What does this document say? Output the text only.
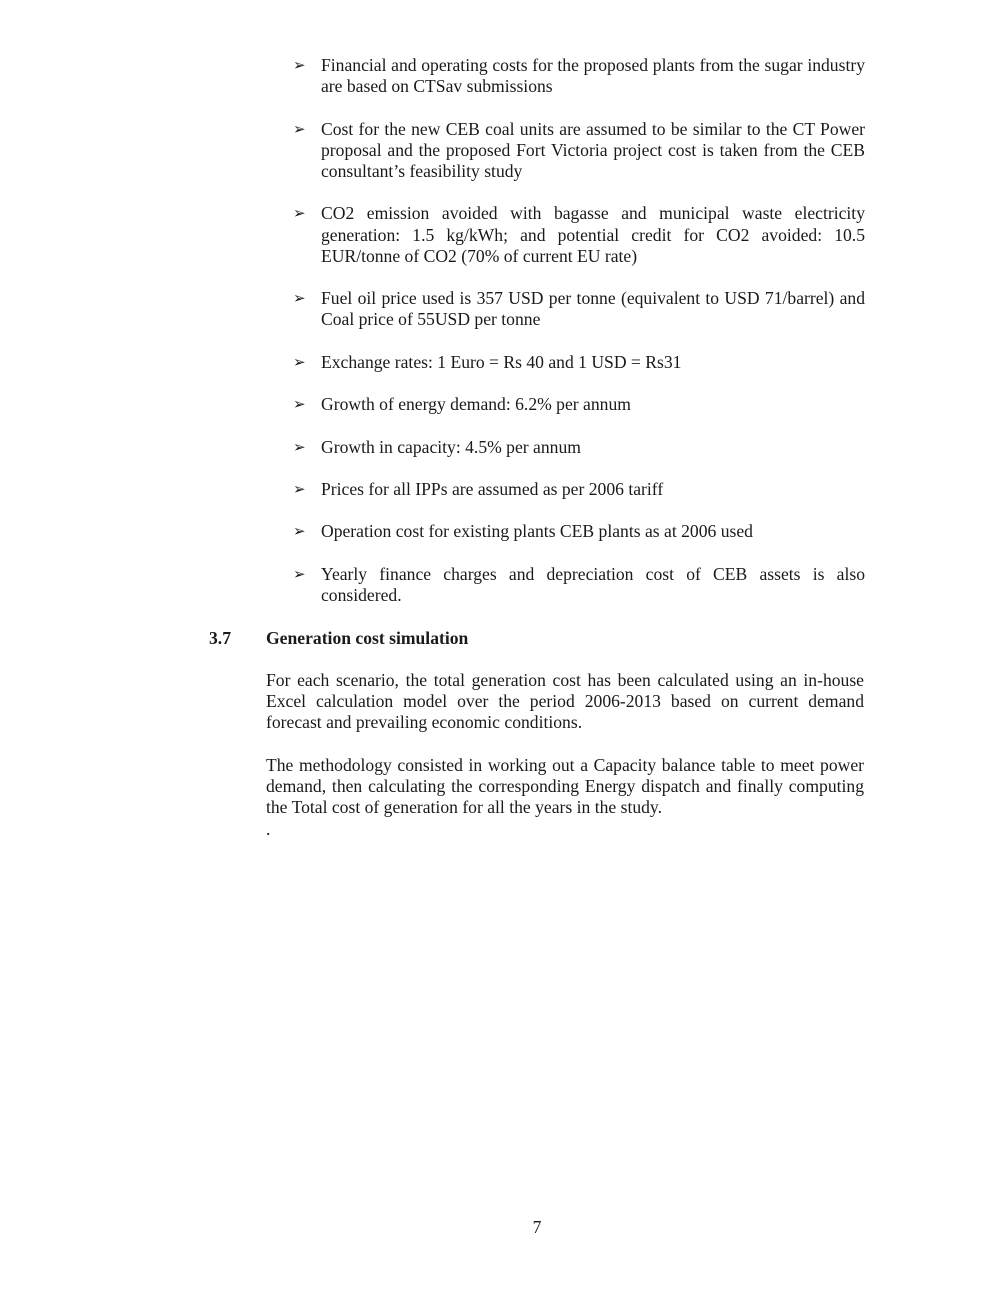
➢ Financial and operating costs for the proposed plants from the sugar industry are based on CTSav submissions
➢ Cost for the new CEB coal units are assumed to be similar to the CT Power proposal and the proposed Fort Victoria project cost is taken from the CEB consultant’s feasibility study
➢ CO2 emission avoided with bagasse and municipal waste electricity generation: 1.5 kg/kWh; and potential credit for CO2 avoided: 10.5 EUR/tonne of CO2 (70% of current EU rate)
➢ Fuel oil price used is 357 USD per tonne (equivalent to USD 71/barrel) and Coal price of 55USD per tonne
➢ Exchange rates: 1 Euro = Rs 40 and 1 USD = Rs31
➢ Growth of energy demand: 6.2% per annum
➢ Growth in capacity: 4.5% per annum
➢ Prices for all IPPs are assumed as per 2006 tariff
➢ Operation cost for existing plants CEB plants as at 2006 used
➢ Yearly finance charges and depreciation cost of CEB assets is also considered.
3.7 Generation cost simulation

For each scenario, the total generation cost has been calculated using an in-house Excel calculation model over the period 2006-2013 based on current demand forecast and prevailing economic conditions.

The methodology consisted in working out a Capacity balance table to meet power demand, then calculating the corresponding Energy dispatch and finally computing the Total cost of generation for all the years in the study.

.
7
